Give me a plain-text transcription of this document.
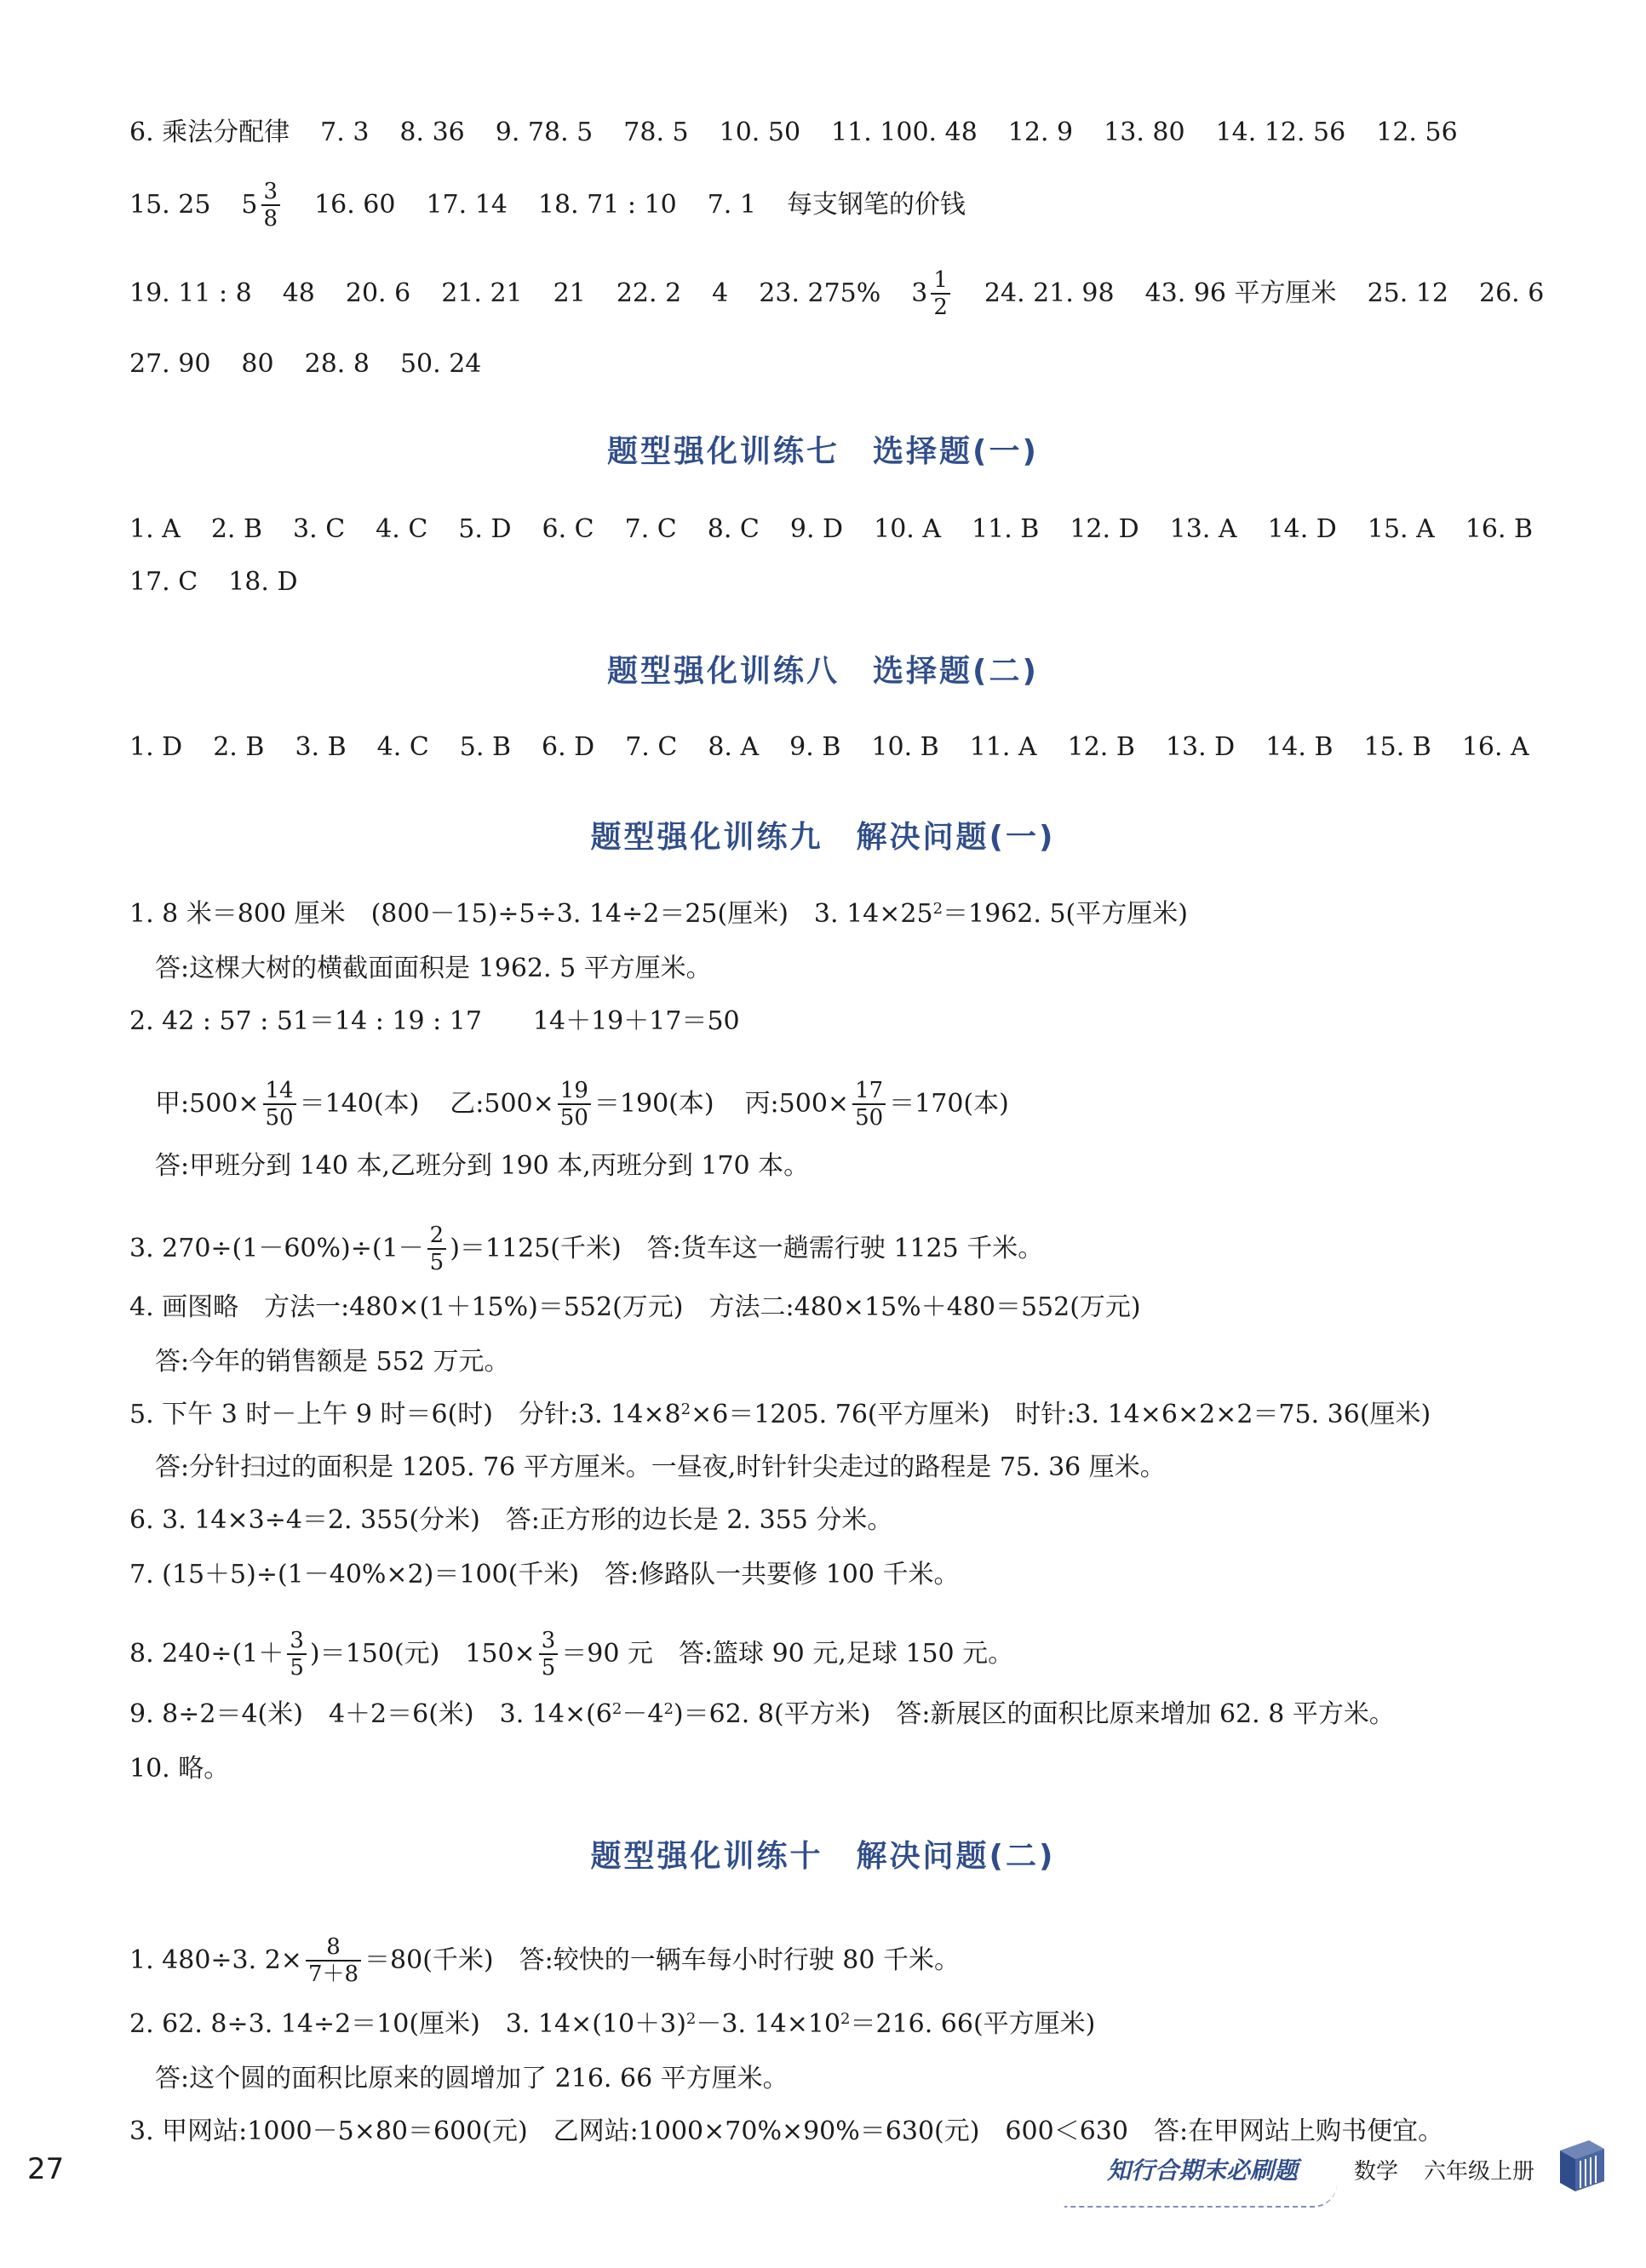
6. 乘法分配律 7. 3 8. 36 9. 78. 5 78. 5 10. 50 11. 100. 48 12. 9 13. 80 14. 12. 56 12. 56
15. 25 $5 \frac{3}{8} 16$. 60 17. 14 18. 71 : 10 7. 1 每支钢笔的价钱
19. 11 : 8 48 20. 6 21. 21 21 22. 2 4 23. 275% $3 \frac{1}{2} 24$. 21. 98 43. 96 平方厘米 25. 12 26. 6
27. 90 80 28. 8 50. 24
题型强化训练七　选择题(一)
1. A 2. B 3. C 4. C 5. D 6. C 7. C 8. C 9. D 10. A 11. B 12. D 13. A 14. D 15. A 16. B
17. C 18. D
题型强化训练八　选择题(二)
1. D 2. B 3. B 4. C 5. B 6. D 7. C 8. A 9. B 10. B 11. A 12. B 13. D 14. B 15. B 16. A
题型强化训练九　解决问题(一)
1. 8 米＝800 厘米　(800－15)÷5÷3. 14÷2＝25(厘米)　3. $14\times 25^2 =1962$. 5(平方厘米)
答:这棵大树的横截面面积是 1962. 5 平方厘米。
2. 42 : 57 : 51＝14 : 19 : 17　　14＋19＋17＝50
甲:500× $\frac{14}{50} =140$(本) 乙:500× $\frac{19}{50} =190$(本) 丙:500× $\frac{17}{50} =170$(本)
答:甲班分到 140 本,乙班分到 190 本,丙班分到 170 本。
3. $270\div(1-60\%)\div(1- \frac{2}{5} )=1125$(千米)　答:货车这一趟需行驶 1125 千米。
4. 画图略　方法一:480×(1＋15%)＝552(万元)　方法二:480×15%＋480＝552(万元)
答:今年的销售额是 552 万元。
5. 下午 3 时－上午 9 时＝6(时)　分针:3. $14\times 8^2 \times 6=1205$. 76(平方厘米)　时针:3. 14×6×2×2＝75. 36(厘米)
答:分针扫过的面积是 1205. 76 平方厘米。一昼夜,时针针尖走过的路程是 75. 36 厘米。
6. 3. 14×3÷4＝2. 355(分米)　答:正方形的边长是 2. 355 分米。
7. (15＋5)÷(1－40%×2)＝100(千米)　答:修路队一共要修 100 千米。
8. $240\div(1+ \frac{3}{5} )=150$(元)　$150\times \frac{3}{5} =90$ 元　答:篮球 90 元,足球 150 元。
9. 8÷2＝4(米)　4＋2＝6(米)　3. $14\times(6^2 -4^2$ )＝62. 8(平方米)　答:新展区的面积比原来增加 62. 8 平方米。
10. 略。
题型强化训练十　解决问题(二)
1. 480÷3. $2\times \frac{8}{7+8} =80$(千米)　答:较快的一辆车每小时行驶 80 千米。
2. 62. 8÷3. 14÷2＝10(厘米)　3. $14\times(10+3)^2 -3$. $14\times 10^2 =216$. 66(平方厘米)
答:这个圆的面积比原来的圆增加了 216. 66 平方厘米。
3. 甲网站:1000－5×80＝600(元)　乙网站:1000×70%×90%＝630(元)　600＜630　答:在甲网站上购书便宜。
27	知行合期末必刷题	数学 六年级上册
